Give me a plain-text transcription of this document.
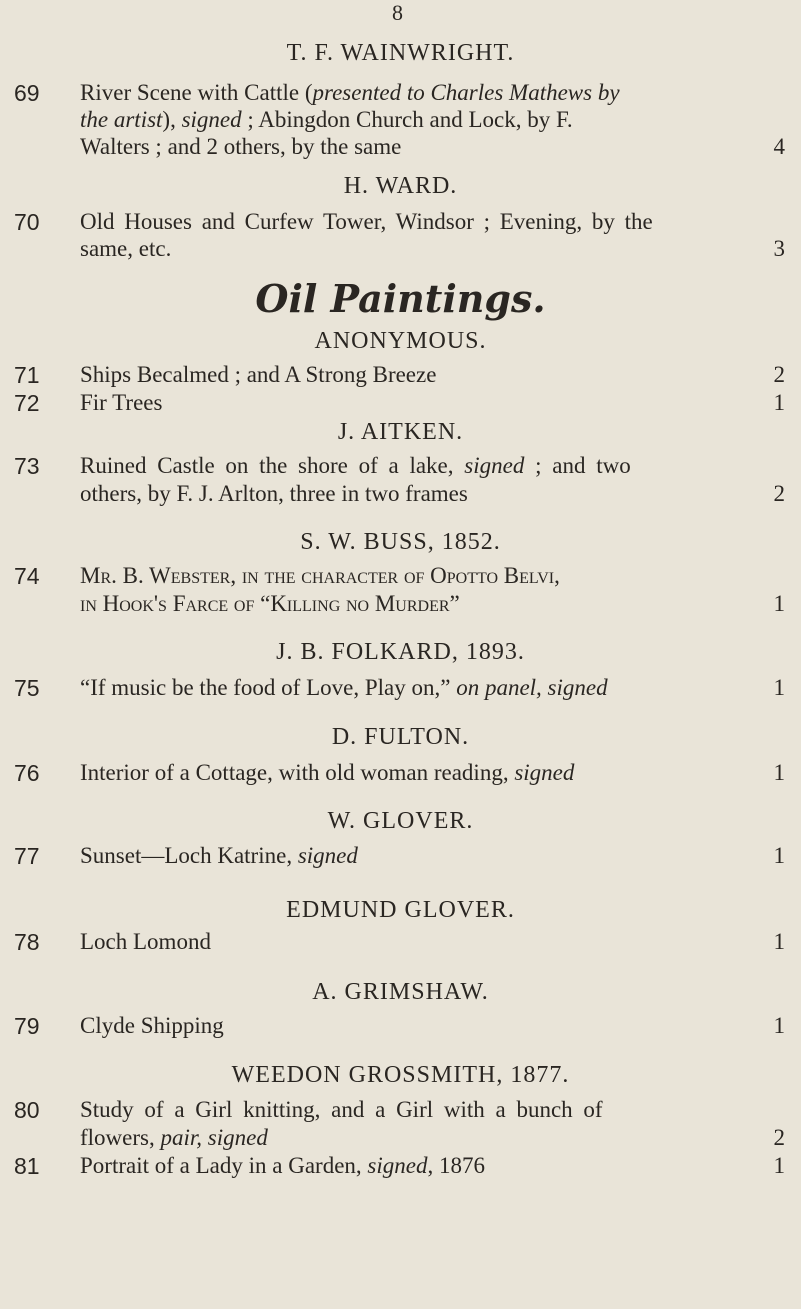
8
T. F. WAINWRIGHT.
69 River Scene with Cattle (presented to Charles Mathews by
the artist), signed ; Abingdon Church and Lock, by F.
Walters ; and 2 others, by the same	4
H. WARD.
70 Old Houses and Curfew Tower, Windsor ; Evening, by the
same, etc.	3
Oil Paintings.
ANONYMOUS.
71 Ships Becalmed ; and A Strong Breeze	2
72 Fir Trees	1
J. AITKEN.
73 Ruined Castle on the shore of a lake, signed ; and two
others, by F. J. Arlton, three in two frames	2
S. W. BUSS, 1852.
74 Mr. B. Webster, in the character of Opotto Belvi,
in Hook's Farce of “Killing no Murder”	1
J. B. FOLKARD, 1893.
75 “If music be the food of Love, Play on,” on panel, signed	1
D. FULTON.
76 Interior of a Cottage, with old woman reading, signed	1
W. GLOVER.
77 Sunset—Loch Katrine, signed	1
EDMUND GLOVER.
78 Loch Lomond	1
A. GRIMSHAW.
79 Clyde Shipping	1
WEEDON GROSSMITH, 1877.
80 Study of a Girl knitting, and a Girl with a bunch of
flowers, pair, signed	2
81 Portrait of a Lady in a Garden, signed, 1876	1
